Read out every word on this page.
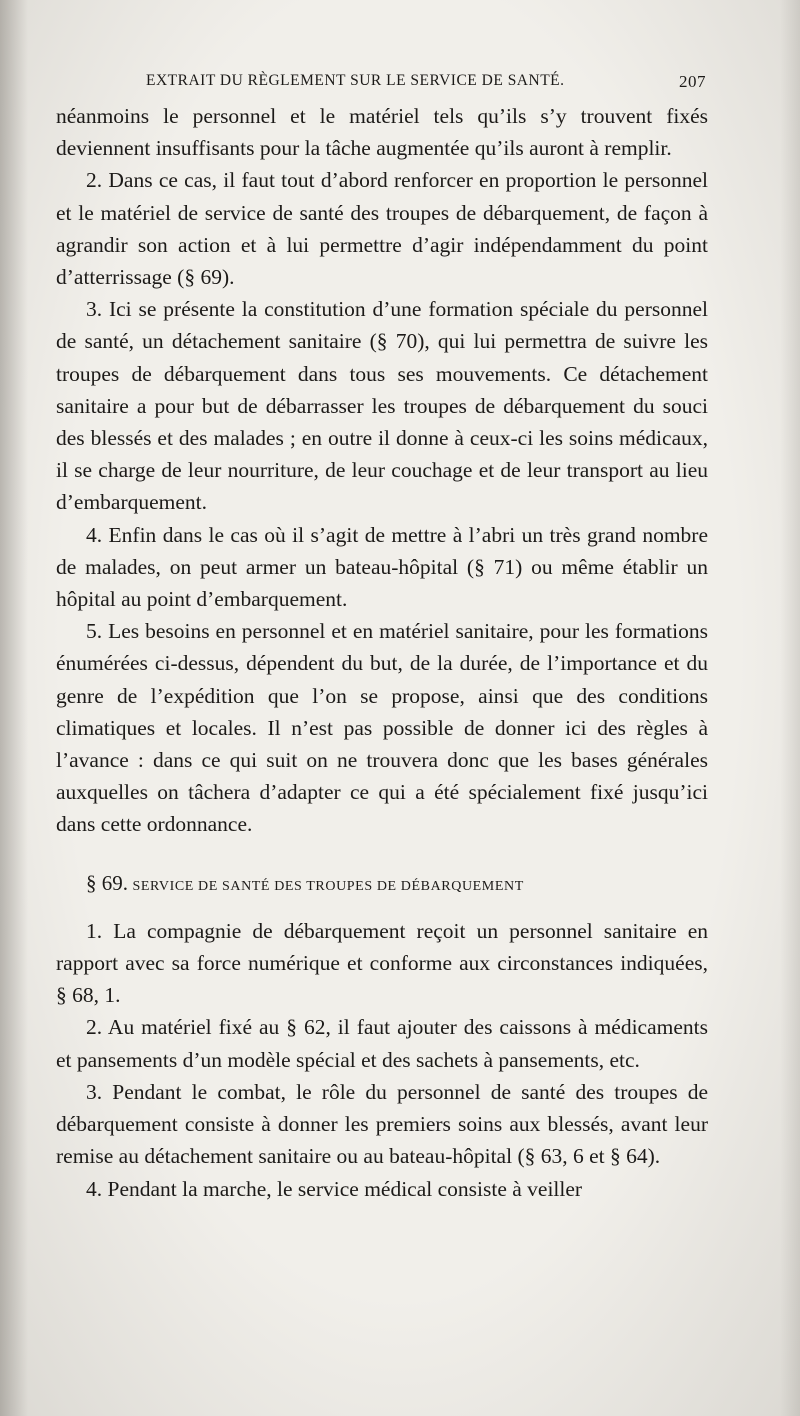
EXTRAIT DU RÈGLEMENT SUR LE SERVICE DE SANTÉ.	207

néanmoins le personnel et le matériel tels qu’ils s’y trouvent fixés deviennent insuffisants pour la tâche augmentée qu’ils auront à remplir.

2. Dans ce cas, il faut tout d’abord renforcer en proportion le personnel et le matériel de service de santé des troupes de débarquement, de façon à agrandir son action et à lui permettre d’agir indépendamment du point d’atterrissage (§ 69).

3. Ici se présente la constitution d’une formation spéciale du personnel de santé, un détachement sanitaire (§ 70), qui lui permettra de suivre les troupes de débarquement dans tous ses mouvements. Ce détachement sanitaire a pour but de débarrasser les troupes de débarquement du souci des blessés et des malades ; en outre il donne à ceux-ci les soins médicaux, il se charge de leur nourriture, de leur couchage et de leur transport au lieu d’embarquement.

4. Enfin dans le cas où il s’agit de mettre à l’abri un très grand nombre de malades, on peut armer un bateau-hôpital (§ 71) ou même établir un hôpital au point d’embarquement.

5. Les besoins en personnel et en matériel sanitaire, pour les formations énumérées ci-dessus, dépendent du but, de la durée, de l’importance et du genre de l’expédition que l’on se propose, ainsi que des conditions climatiques et locales. Il n’est pas possible de donner ici des règles à l’avance : dans ce qui suit on ne trouvera donc que les bases générales auxquelles on tâchera d’adapter ce qui a été spécialement fixé jusqu’ici dans cette ordonnance.

§ 69. SERVICE DE SANTÉ DES TROUPES DE DÉBARQUEMENT

1. La compagnie de débarquement reçoit un personnel sanitaire en rapport avec sa force numérique et conforme aux circonstances indiquées, § 68, 1.

2. Au matériel fixé au § 62, il faut ajouter des caissons à médicaments et pansements d’un modèle spécial et des sachets à pansements, etc.

3. Pendant le combat, le rôle du personnel de santé des troupes de débarquement consiste à donner les premiers soins aux blessés, avant leur remise au détachement sanitaire ou au bateau-hôpital (§ 63, 6 et § 64).

4. Pendant la marche, le service médical consiste à veiller
